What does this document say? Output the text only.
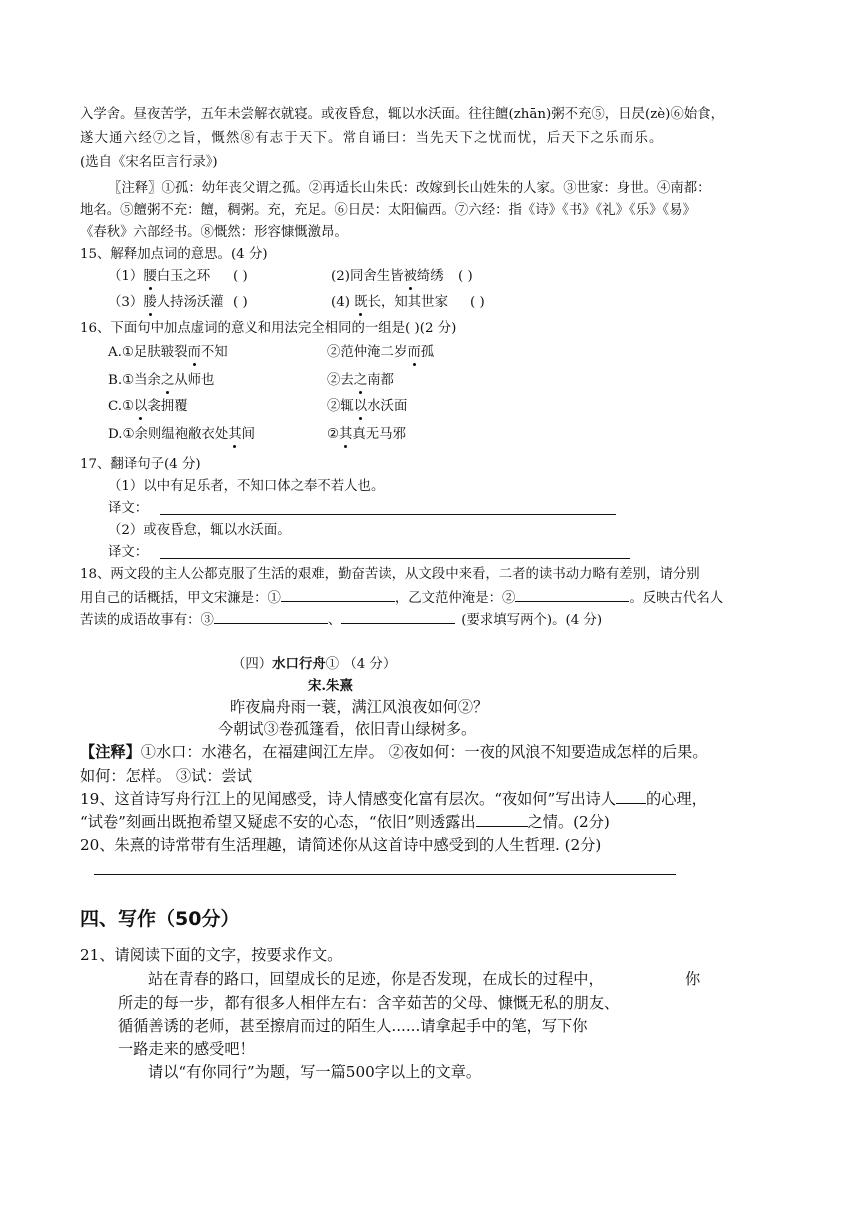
入学舍。昼夜苦学，五年未尝解衣就寝。或夜昏怠，辄以水沃面。往往饘(zhān)粥不充⑤，日昃(zè)⑥始食，
遂大通六经⑦之旨，慨然⑧有志于天下。常自诵曰：当先天下之忧而忧，后天下之乐而乐。
(选自《宋名臣言行录》)
〖注释〗①孤：幼年丧父谓之孤。②再适长山朱氏：改嫁到长山姓朱的人家。③世家：身世。④南都：
地名。⑤饘粥不充：饘，稠粥。充，充足。⑥日昃：太阳偏西。⑦六经：指《诗》《书》《礼》《乐》《易》
《春秋》六部经书。⑧慨然：形容慷慨激昂。
15、解释加点词的意思。(4 分)
（1）腰白玉之环 ( )	(2)同舍生皆被绮绣 ( )
（3）媵人持汤沃灌 ( )	(4) 既长，知其世家 ( )
16、下面句中加点虚词的意义和用法完全相同的一组是( )(2 分)
A.①足肤皲裂而不知	②范仲淹二岁而孤
B.①当余之从师也	②去之南都
C.①以衾拥覆	②辄以水沃面
D.①余则缊袍敝衣处其间	②其真无马邪
17、翻译句子(4 分)
（1）以中有足乐者，不知口体之奉不若人也。
译文：
（2）或夜昏怠，辄以水沃面。
译文：
18、两文段的主人公都克服了生活的艰难，勤奋苦读，从文段中来看，二者的读书动力略有差别，请分别
用自己的话概括，甲文宋濂是：①	，乙文范仲淹是：②	。反映古代名人
苦读的成语故事有：③	、	(要求填写两个)。(4 分)
（四）水口行舟① （4 分）
宋.朱熹
昨夜扁舟雨一蓑，满江风浪夜如何②？
今朝试③卷孤篷看，依旧青山绿树多。
【注释】①水口：水港名，在福建闽江左岸。 ②夜如何：一夜的风浪不知要造成怎样的后果。
如何：怎样。 ③试：尝试
19、这首诗写舟行江上的见闻感受，诗人情感变化富有层次。“夜如何”写出诗人 的心理，
“试卷”刻画出既抱希望又疑虑不安的心态，“依旧”则透露出	之情。(2分)
20、朱熹的诗常带有生活理趣，请简述你从这首诗中感受到的人生哲理. (2分)
四、写作（50分）
21、请阅读下面的文字，按要求作文。
站在青春的路口，回望成长的足迹，你是否发现，在成长的过程中，	你
所走的每一步，都有很多人相伴左右：含辛茹苦的父母、慷慨无私的朋友、
循循善诱的老师，甚至擦肩而过的陌生人......请拿起手中的笔，写下你
一路走来的感受吧！
请以“有你同行”为题，写一篇500字以上的文章。
